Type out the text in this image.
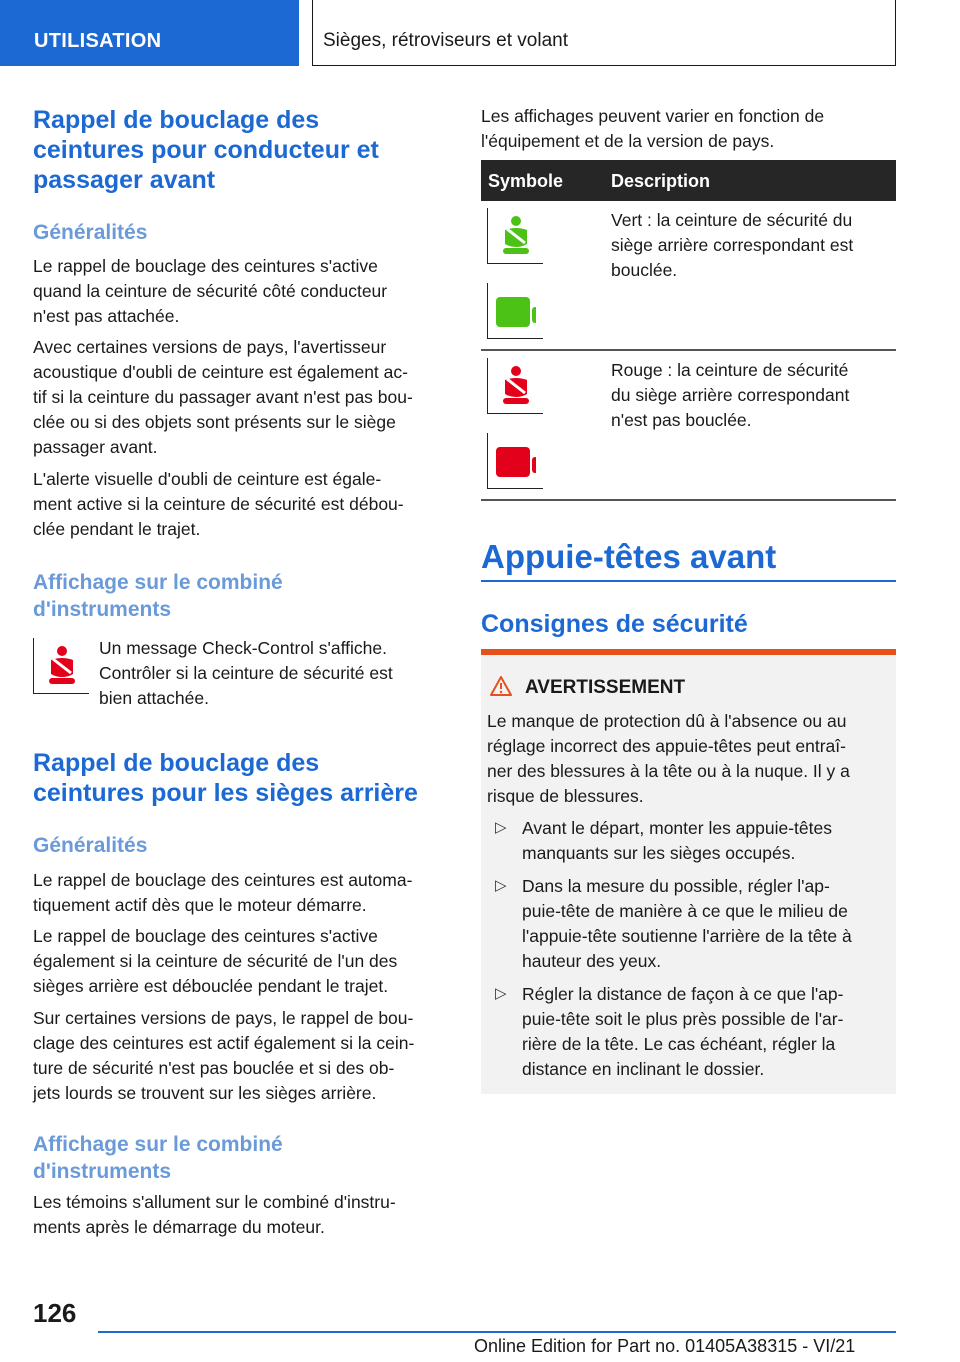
UTILISATION	Sièges, rétroviseurs et volant
Rappel de bouclage des
ceintures pour conducteur et
passager avant
Généralités
Le rappel de bouclage des ceintures s'active
quand la ceinture de sécurité côté conducteur
n'est pas attachée.
Avec certaines versions de pays, l'avertisseur
acoustique d'oubli de ceinture est également ac-
tif si la ceinture du passager avant n'est pas bou-
clée ou si des objets sont présents sur le siège
passager avant.
L'alerte visuelle d'oubli de ceinture est égale-
ment active si la ceinture de sécurité est débou-
clée pendant le trajet.
Affichage sur le combiné
d'instruments
Un message Check-Control s'affiche.
Contrôler si la ceinture de sécurité est
bien attachée.
Rappel de bouclage des
ceintures pour les sièges arrière
Généralités
Le rappel de bouclage des ceintures est automa-
tiquement actif dès que le moteur démarre.
Le rappel de bouclage des ceintures s'active
également si la ceinture de sécurité de l'un des
sièges arrière est débouclée pendant le trajet.
Sur certaines versions de pays, le rappel de bou-
clage des ceintures est actif également si la cein-
ture de sécurité n'est pas bouclée et si des ob-
jets lourds se trouvent sur les sièges arrière.
Affichage sur le combiné
d'instruments
Les témoins s'allument sur le combiné d'instru-
ments après le démarrage du moteur.
Les affichages peuvent varier en fonction de
l'équipement et de la version de pays.
Symbole	Description
Vert : la ceinture de sécurité du
siège arrière correspondant est
bouclée.
Rouge : la ceinture de sécurité
du siège arrière correspondant
n'est pas bouclée.
Appuie-têtes avant
Consignes de sécurité
AVERTISSEMENT
Le manque de protection dû à l'absence ou au
réglage incorrect des appuie-têtes peut entraî-
ner des blessures à la tête ou à la nuque. Il y a
risque de blessures.
▷ Avant le départ, monter les appuie-têtes
manquants sur les sièges occupés.
▷ Dans la mesure du possible, régler l'ap-
puie-tête de manière à ce que le milieu de
l'appuie-tête soutienne l'arrière de la tête à
hauteur des yeux.
▷ Régler la distance de façon à ce que l'ap-
puie-tête soit le plus près possible de l'ar-
rière de la tête. Le cas échéant, régler la
distance en inclinant le dossier.
126
Online Edition for Part no. 01405A38315 - VI/21
